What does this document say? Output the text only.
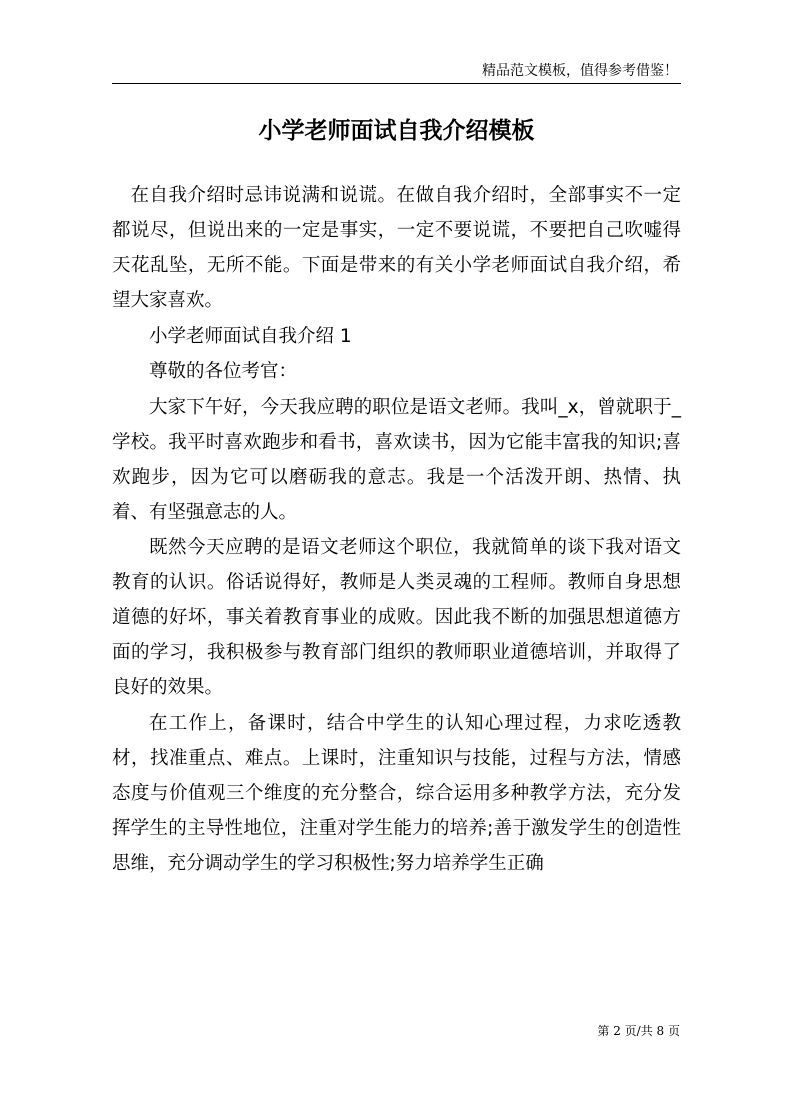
精品范文模板，值得参考借鉴！
小学老师面试自我介绍模板

在自我介绍时忌讳说满和说谎。在做自我介绍时，全部事实不一定都说尽，但说出来的一定是事实，一定不要说谎，不要把自己吹嘘得天花乱坠，无所不能。下面是带来的有关小学老师面试自我介绍，希望大家喜欢。

小学老师面试自我介绍 1

尊敬的各位考官：

大家下午好，今天我应聘的职位是语文老师。我叫_x，曾就职于_学校。我平时喜欢跑步和看书，喜欢读书，因为它能丰富我的知识;喜欢跑步，因为它可以磨砺我的意志。我是一个活泼开朗、热情、执着、有坚强意志的人。

既然今天应聘的是语文老师这个职位，我就简单的谈下我对语文教育的认识。俗话说得好，教师是人类灵魂的工程师。教师自身思想道德的好坏，事关着教育事业的成败。因此我不断的加强思想道德方面的学习，我积极参与教育部门组织的教师职业道德培训，并取得了良好的效果。

在工作上，备课时，结合中学生的认知心理过程，力求吃透教材，找准重点、难点。上课时，注重知识与技能，过程与方法，情感态度与价值观三个维度的充分整合，综合运用多种教学方法，充分发挥学生的主导性地位，注重对学生能力的培养;善于激发学生的创造性思维，充分调动学生的学习积极性;努力培养学生正确

第 2 页/共 8 页
